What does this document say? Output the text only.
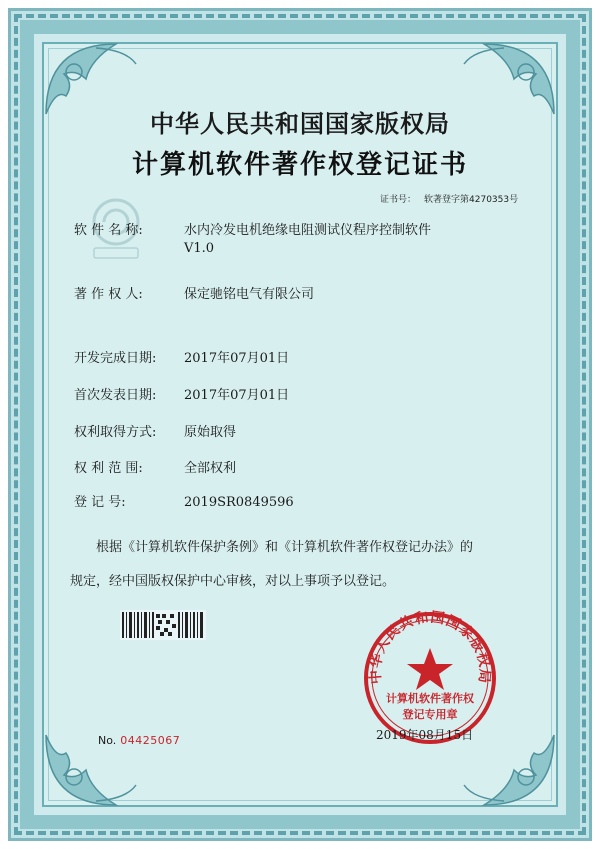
中华人民共和国国家版权局
计算机软件著作权登记证书
证书号： 软著登字第4270353号
软 件 名 称:	水内冷发电机绝缘电阻测试仪程序控制软件
V1.0
著 作 权 人:	保定驰铭电气有限公司
开发完成日期: 2017年07月01日
首次发表日期: 2017年07月01日
权利取得方式: 原始取得
权 利 范 围:	全部权利
登 记 号:	2019SR0849596
根据《计算机软件保护条例》和《计算机软件著作权登记办法》的
规定，经中国版权保护中心审核，对以上事项予以登记。
中华人民共和国国家版权局
计算机软件著作权
登记专用章
2019年08月15日
No. 04425067
